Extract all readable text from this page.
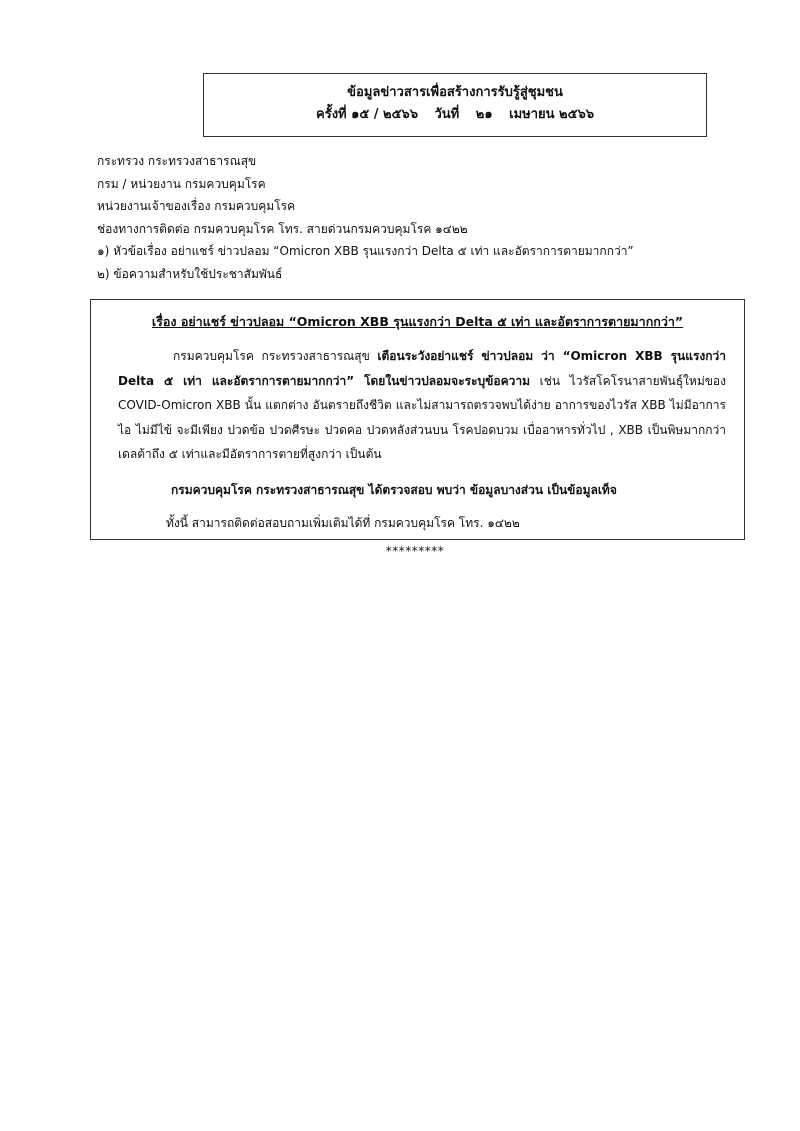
ข้อมูลข่าวสารเพื่อสร้างการรับรู้สู่ชุมชน
ครั้งที่ ๑๕ / ๒๕๖๖ วันที่ ๒๑ เมษายน ๒๕๖๖
กระทรวง กระทรวงสาธารณสุข
กรม / หน่วยงาน กรมควบคุมโรค
หน่วยงานเจ้าของเรื่อง กรมควบคุมโรค
ช่องทางการติดต่อ กรมควบคุมโรค โทร. สายด่วนกรมควบคุมโรค ๑๔๒๒
๑) หัวข้อเรื่อง อย่าแชร์ ข่าวปลอม “Omicron XBB รุนแรงกว่า Delta ๕ เท่า และอัตราการตายมากกว่า”
๒) ข้อความสำหรับใช้ประชาสัมพันธ์
เรื่อง อย่าแชร์ ข่าวปลอม “Omicron XBB รุนแรงกว่า Delta ๕ เท่า และอัตราการตายมากกว่า”
กรมควบคุมโรค กระทรวงสาธารณสุข เตือนระวังอย่าแชร์ ข่าวปลอม ว่า “Omicron XBB รุนแรงกว่า Delta ๕ เท่า และอัตราการตายมากกว่า” โดยในข่าวปลอมจะระบุข้อความ เช่น ไวรัสโคโรนาสายพันธุ์ใหม่ของ COVID-Omicron XBB นั้น แตกต่าง อันตรายถึงชีวิต และไม่สามารถตรวจพบได้ง่าย อาการของไวรัส XBB ไม่มีอาการไอ ไม่มีไข้ จะมีเพียง ปวดข้อ ปวดศีรษะ ปวดคอ ปวดหลังส่วนบน โรคปอดบวม เบื่ออาหารทั่วไป , XBB เป็นพิษมากกว่าเดลต้าถึง ๕ เท่าและมีอัตราการตายที่สูงกว่า เป็นต้น
กรมควบคุมโรค กระทรวงสาธารณสุข ได้ตรวจสอบ พบว่า ข้อมูลบางส่วน เป็นข้อมูลเท็จ
ทั้งนี้ สามารถติดต่อสอบถามเพิ่มเติมได้ที่ กรมควบคุมโรค โทร. ๑๔๒๒
*********
